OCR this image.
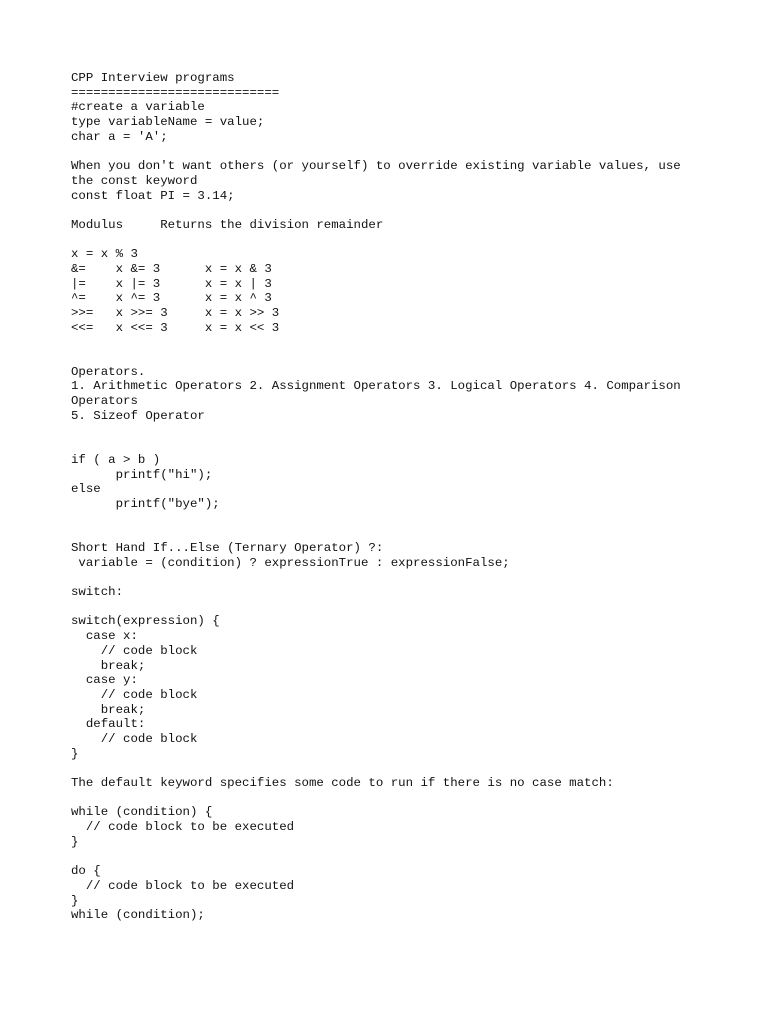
CPP Interview programs
============================
#create a variable
type variableName = value;
char a = 'A';
When you don't want others (or yourself) to override existing variable values, use
the const keyword
const float PI = 3.14;
Modulus     Returns the division remainder
x = x % 3
&=    x &= 3      x = x & 3
|=    x |= 3      x = x | 3
^=    x ^= 3      x = x ^ 3
>>=   x >>= 3     x = x >> 3
<<=   x <<= 3     x = x << 3
Operators.
1. Arithmetic Operators 2. Assignment Operators 3. Logical Operators 4. Comparison
Operators
5. Sizeof Operator
if ( a > b )
printf("hi");
else
printf("bye");
Short Hand If...Else (Ternary Operator) ?:
variable = (condition) ? expressionTrue : expressionFalse;
switch:
switch(expression) {
case x:
// code block
break;
case y:
// code block
break;
default:
// code block
}
The default keyword specifies some code to run if there is no case match:
while (condition) {
// code block to be executed
}
do {
// code block to be executed
}
while (condition);
